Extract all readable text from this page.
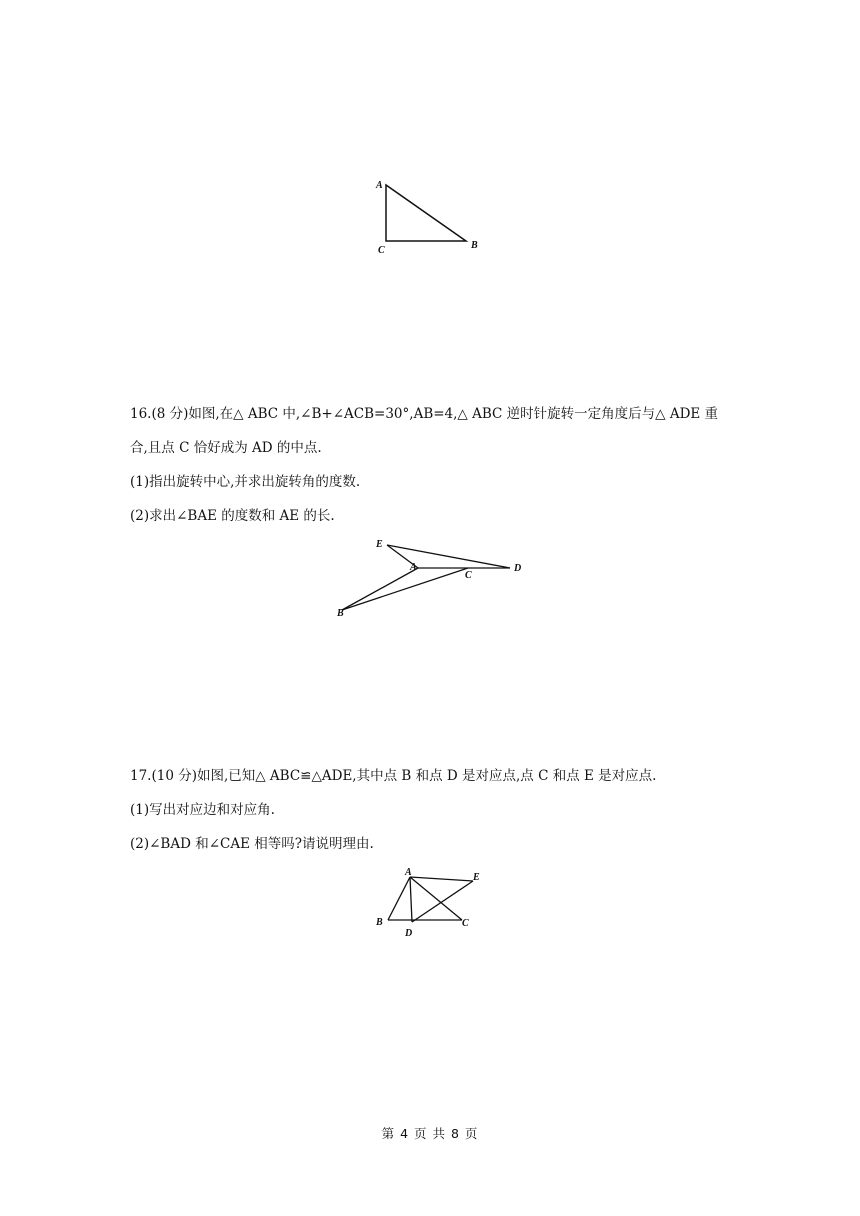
A
C	B
16.(8 分)如图,在△ ABC 中,∠B+∠ACB=30°,AB=4,△ ABC 逆时针旋转一定角度后与△ ADE 重
合,且点 C 恰好成为 AD 的中点.
(1)指出旋转中心,并求出旋转角的度数.
(2)求出∠BAE 的度数和 AE 的长.
E
A
C
D
B
17.(10 分)如图,已知△ ABC≌△ADE,其中点 B 和点 D 是对应点,点 C 和点 E 是对应点.
(1)写出对应边和对应角.
(2)∠BAD 和∠CAE 相等吗?请说明理由.
A	E
B
D
C
第 4 页 共 8 页
